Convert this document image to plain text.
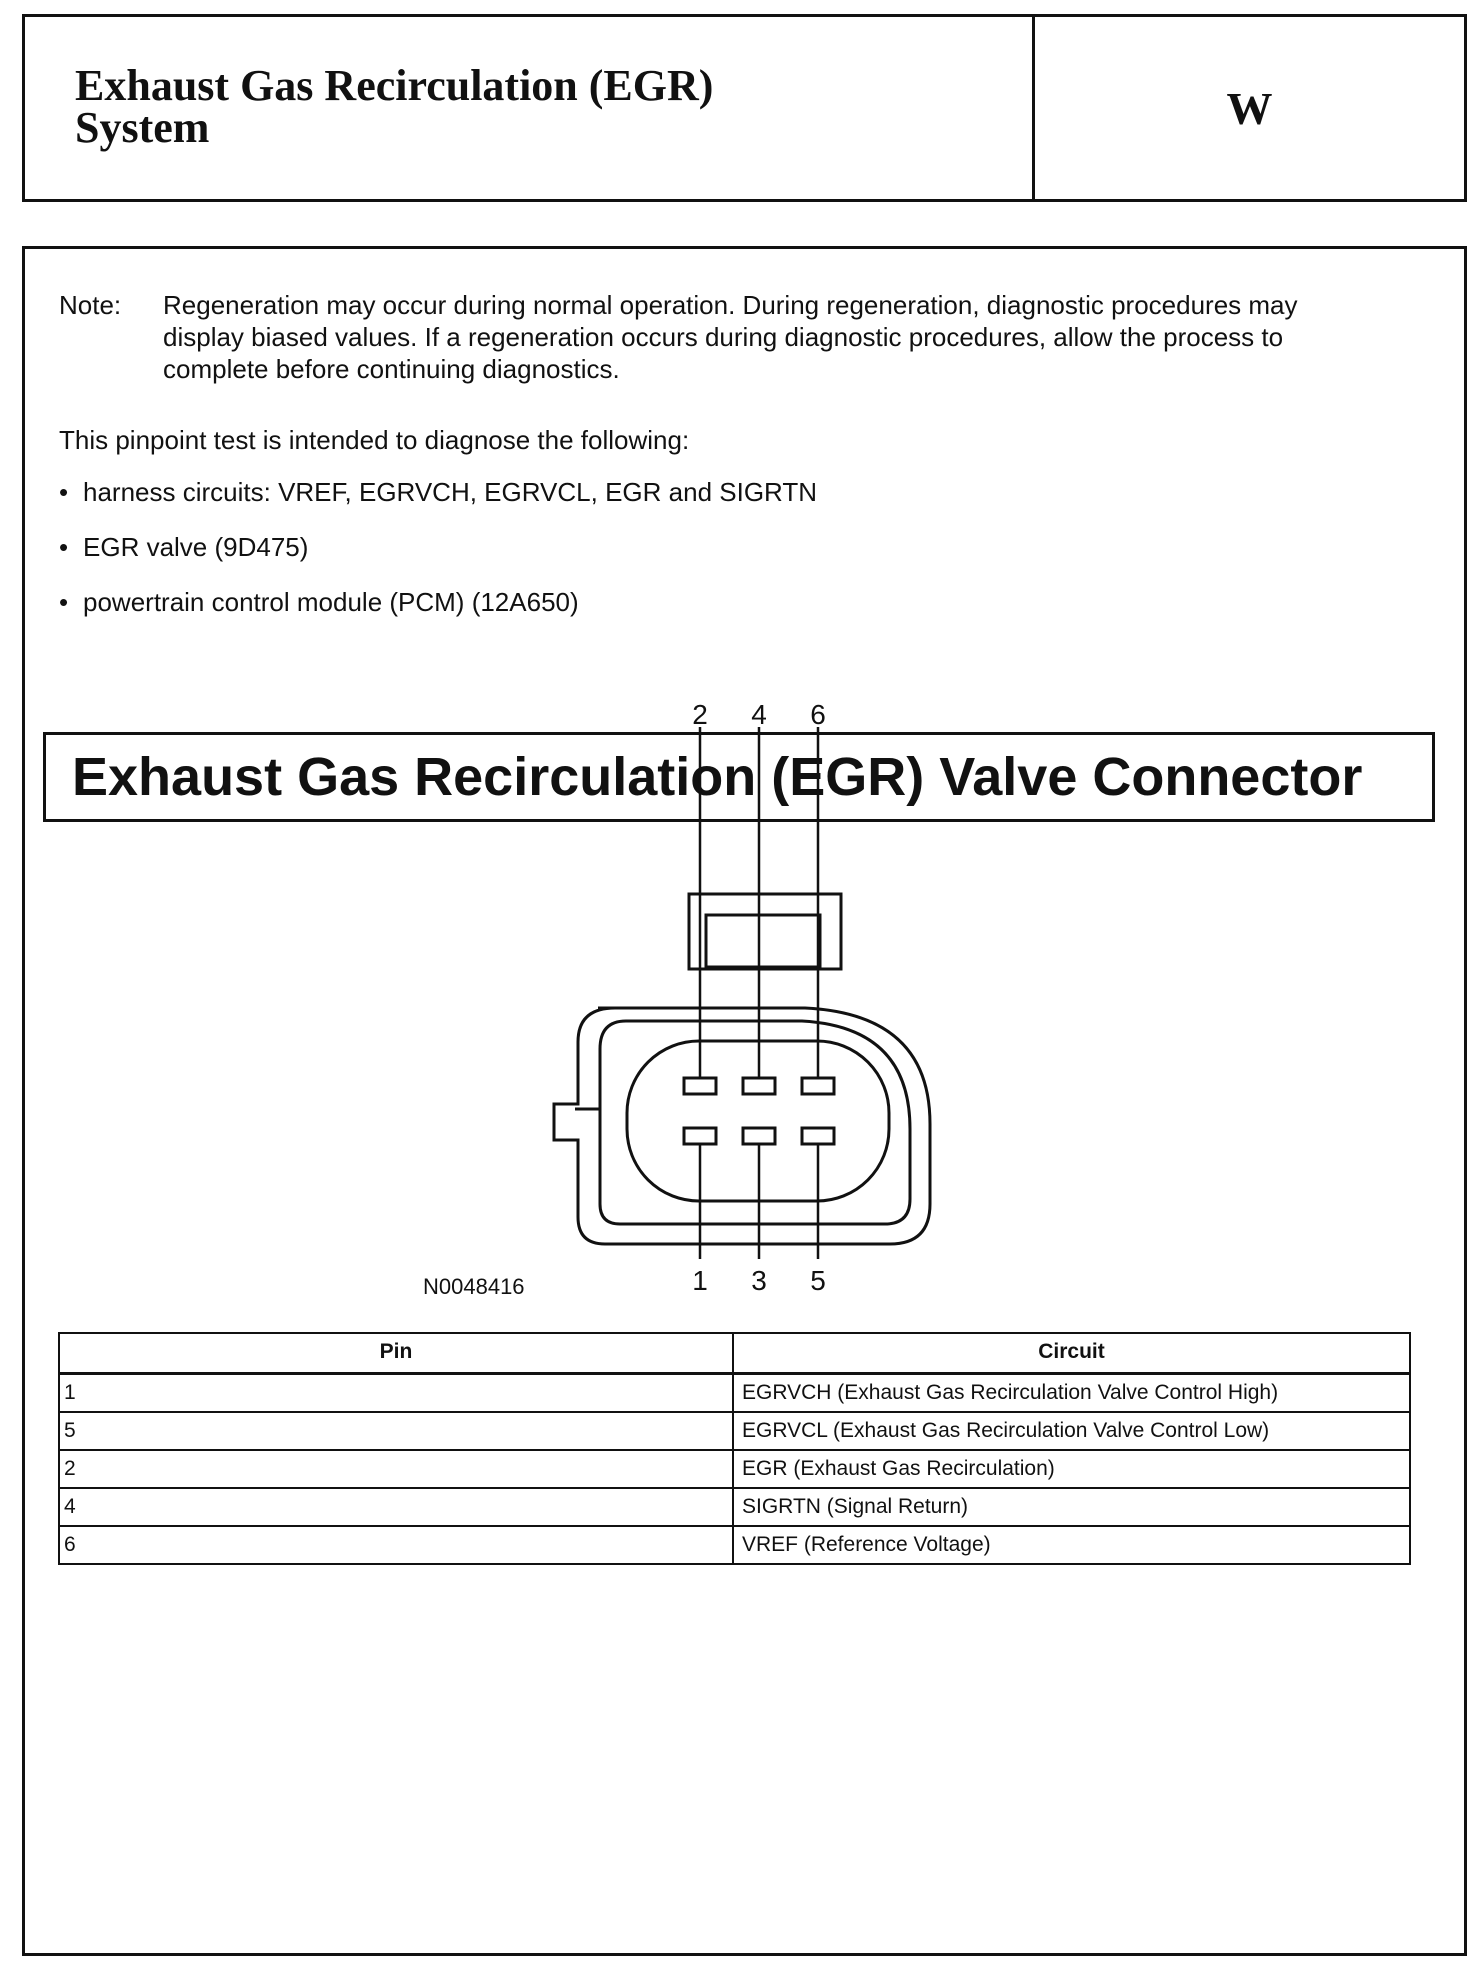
Exhaust Gas Recirculation (EGR)
System	W
Note: Regeneration may occur during normal operation. During regeneration, diagnostic procedures may display biased values. If a regeneration occurs during diagnostic procedures, allow the process to complete before continuing diagnostics.
This pinpoint test is intended to diagnose the following:
• harness circuits: VREF, EGRVCH, EGRVCL, EGR and SIGRTN
• EGR valve (9D475)
• powertrain control module (PCM) (12A650)
Exhaust Gas Recirculation (EGR) Valve Connector
2 4 6
1 3 5
N0048416
Pin	Circuit
1	EGRVCH (Exhaust Gas Recirculation Valve Control High)
5	EGRVCL (Exhaust Gas Recirculation Valve Control Low)
2	EGR (Exhaust Gas Recirculation)
4	SIGRTN (Signal Return)
6	VREF (Reference Voltage)
